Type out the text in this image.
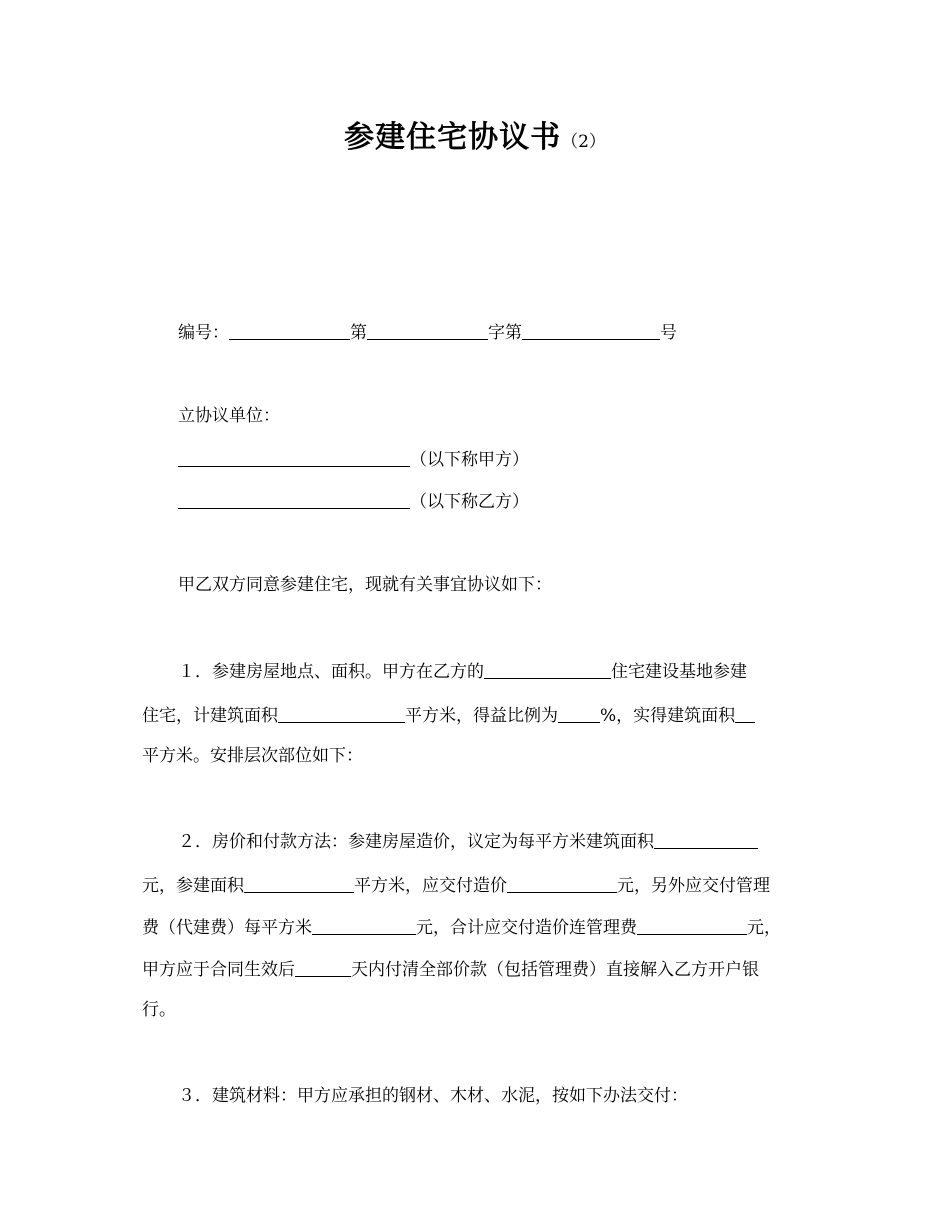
参建住宅协议书（2）
编号：	第	字第	号
立协议单位：
（以下称甲方）
（以下称乙方）
甲乙双方同意参建住宅，现就有关事宜协议如下：
１．参建房屋地点、面积。甲方在乙方的	住宅建设基地参建
住宅，计建筑面积	平方米，得益比例为 %，实得建筑面积
平方米。安排层次部位如下：
２．房价和付款方法：参建房屋造价，议定为每平方米建筑面积
元，参建面积	平方米，应交付造价	元，另外应交付管理
费（代建费）每平方米	元，合计应交付造价连管理费	元，
甲方应于合同生效后	天内付清全部价款（包括管理费）直接解入乙方开户银
行。
３．建筑材料：甲方应承担的钢材、木材、水泥，按如下办法交付：
